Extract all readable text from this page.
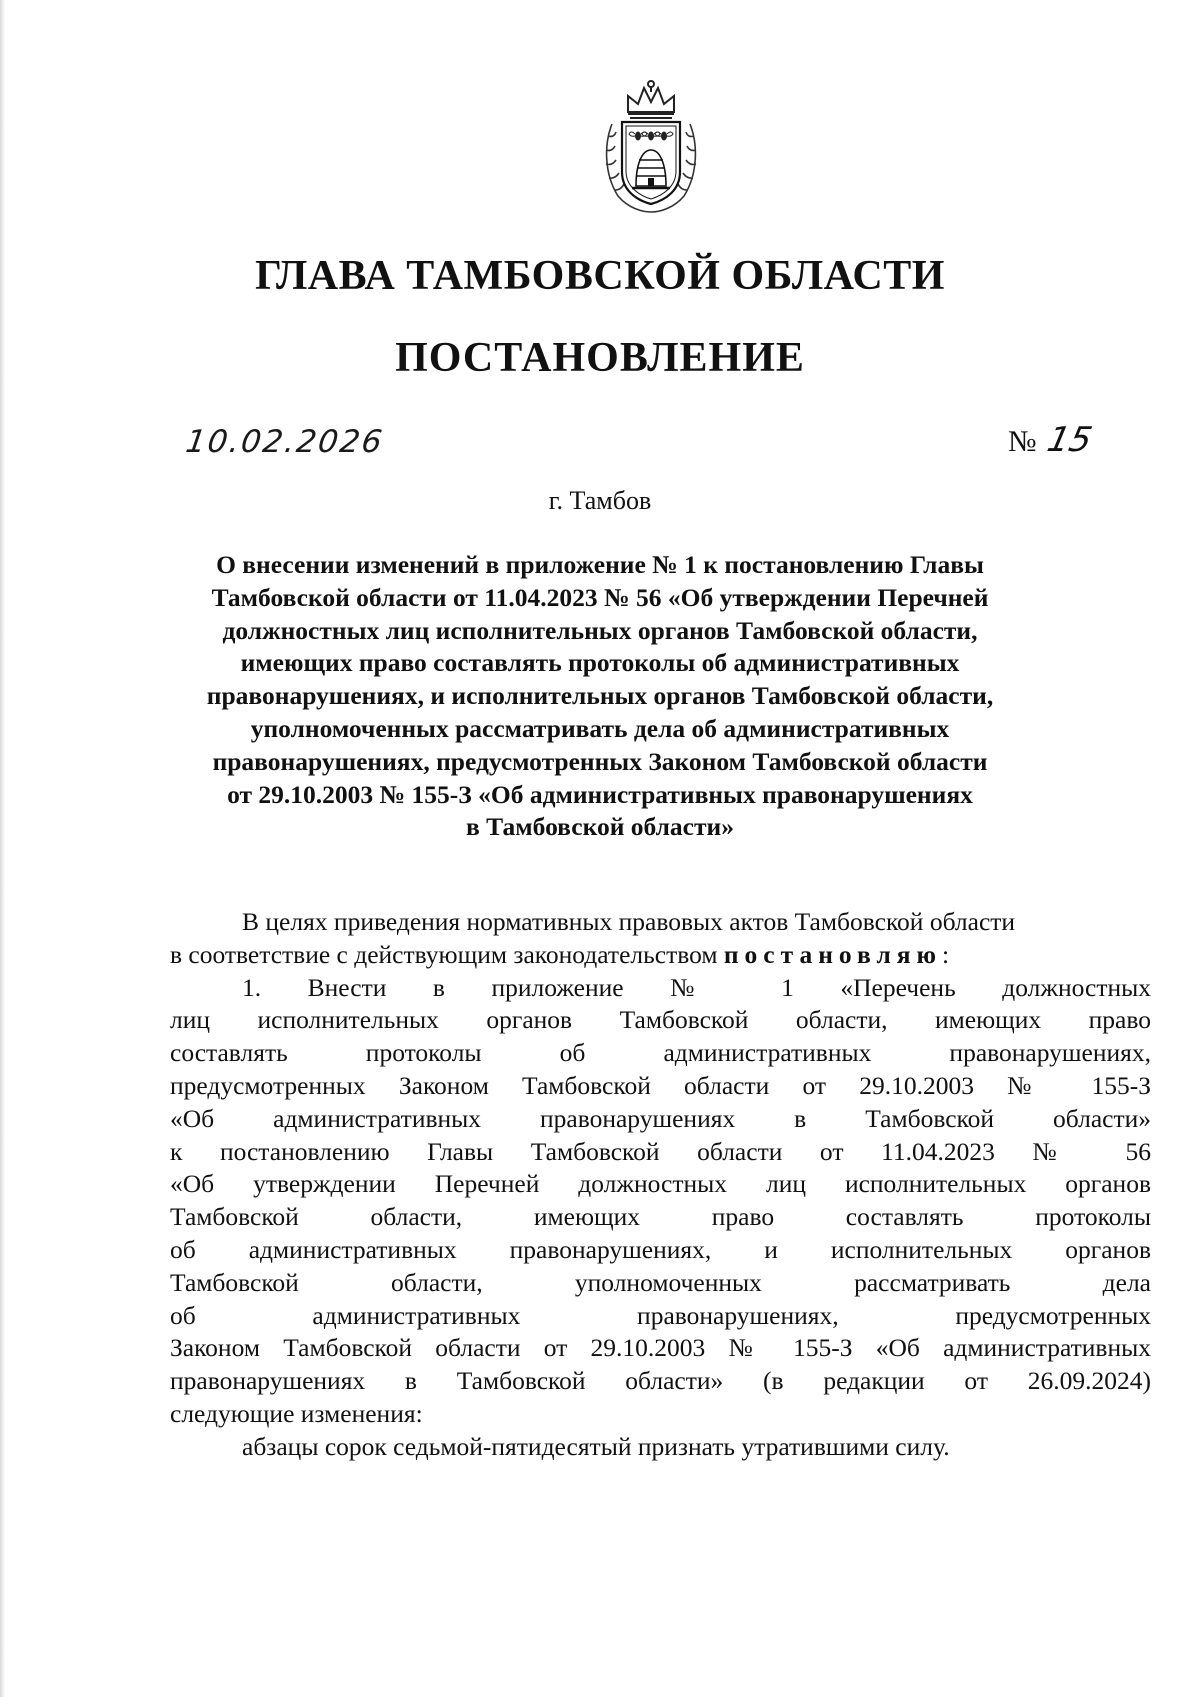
ГЛАВА ТАМБОВСКОЙ ОБЛАСТИ
ПОСТАНОВЛЕНИЕ
10.02.2026	№ 15
г. Тамбов
О внесении изменений в приложение № 1 к постановлению Главы
Тамбовской области от 11.04.2023 № 56 «Об утверждении Перечней
должностных лиц исполнительных органов Тамбовской области,
имеющих право составлять протоколы об административных
правонарушениях, и исполнительных органов Тамбовской области,
уполномоченных рассматривать дела об административных
правонарушениях, предусмотренных Законом Тамбовской области
от 29.10.2003 № 155-З «Об административных правонарушениях
в Тамбовской области»
В целях приведения нормативных правовых актов Тамбовской области
в соответствие с действующим законодательством постановляю:
1. Внести в приложение № 1 «Перечень должностных
лиц исполнительных органов Тамбовской области, имеющих право
составлять протоколы об административных правонарушениях,
предусмотренных Законом Тамбовской области от 29.10.2003 № 155-З
«Об административных правонарушениях в Тамбовской области»
к постановлению Главы Тамбовской области от 11.04.2023 № 56
«Об утверждении Перечней должностных лиц исполнительных органов
Тамбовской области, имеющих право составлять протоколы
об административных правонарушениях, и исполнительных органов
Тамбовской области, уполномоченных рассматривать дела
об административных правонарушениях, предусмотренных
Законом Тамбовской области от 29.10.2003 № 155-З «Об административных
правонарушениях в Тамбовской области» (в редакции от 26.09.2024)
следующие изменения:
абзацы сорок седьмой-пятидесятый признать утратившими силу.
